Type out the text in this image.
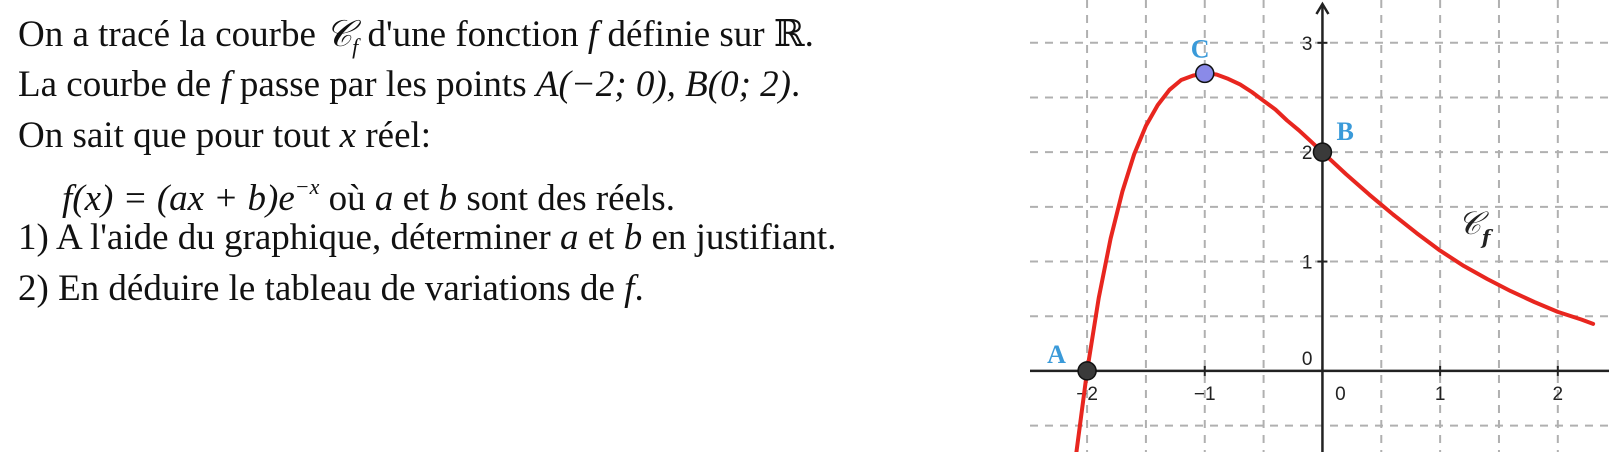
On a tracé la courbe 𝒞$_f$ d'une fonction f définie sur ℝ.
La courbe de f passe par les points A(−2; 0), B(0; 2).
On sait que pour tout x réel:
$f(x) = (ax + b)e^{-x}$ où a et b sont des réels.
1) A l'aide du graphique, déterminer a et b en justifiant.
2) En déduire le tableau de variations de f.
−2	−1	0	1	2
0
1
2
3
𝒞 f
A
B
C
